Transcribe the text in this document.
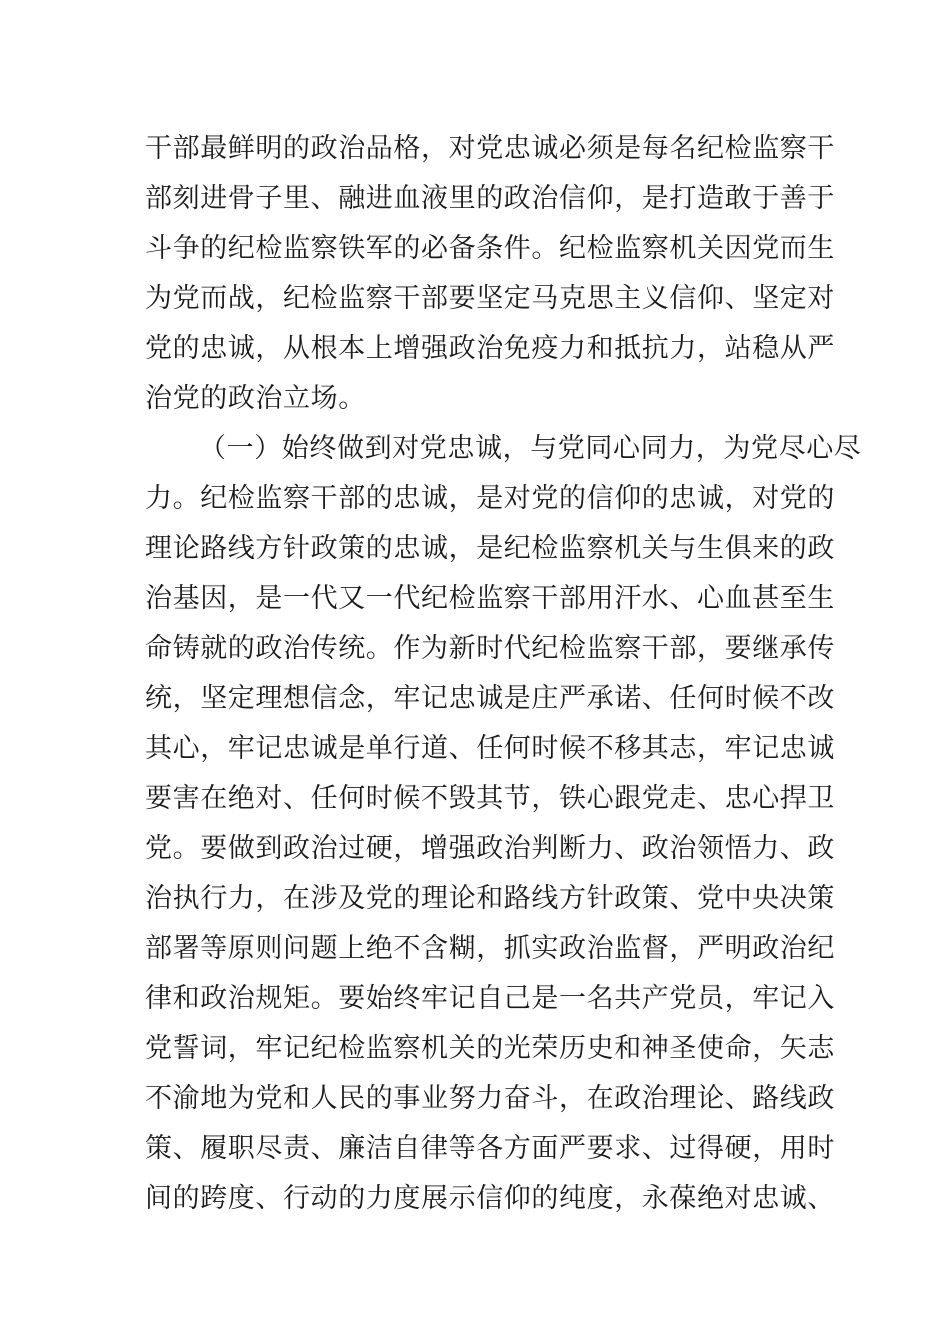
干部最鲜明的政治品格，对党忠诚必须是每名纪检监察干
部刻进骨子里、融进血液里的政治信仰，是打造敢于善于
斗争的纪检监察铁军的必备条件。纪检监察机关因党而生
为党而战，纪检监察干部要坚定马克思主义信仰、坚定对
党的忠诚，从根本上增强政治免疫力和抵抗力，站稳从严
治党的政治立场。
（一）始终做到对党忠诚，与党同心同力，为党尽心尽
力。纪检监察干部的忠诚，是对党的信仰的忠诚，对党的
理论路线方针政策的忠诚，是纪检监察机关与生俱来的政
治基因，是一代又一代纪检监察干部用汗水、心血甚至生
命铸就的政治传统。作为新时代纪检监察干部，要继承传
统，坚定理想信念，牢记忠诚是庄严承诺、任何时候不改
其心，牢记忠诚是单行道、任何时候不移其志，牢记忠诚
要害在绝对、任何时候不毁其节，铁心跟党走、忠心捍卫
党。要做到政治过硬，增强政治判断力、政治领悟力、政
治执行力，在涉及党的理论和路线方针政策、党中央决策
部署等原则问题上绝不含糊，抓实政治监督，严明政治纪
律和政治规矩。要始终牢记自己是一名共产党员，牢记入
党誓词，牢记纪检监察机关的光荣历史和神圣使命，矢志
不渝地为党和人民的事业努力奋斗，在政治理论、路线政
策、履职尽责、廉洁自律等各方面严要求、过得硬，用时
间的跨度、行动的力度展示信仰的纯度，永葆绝对忠诚、
